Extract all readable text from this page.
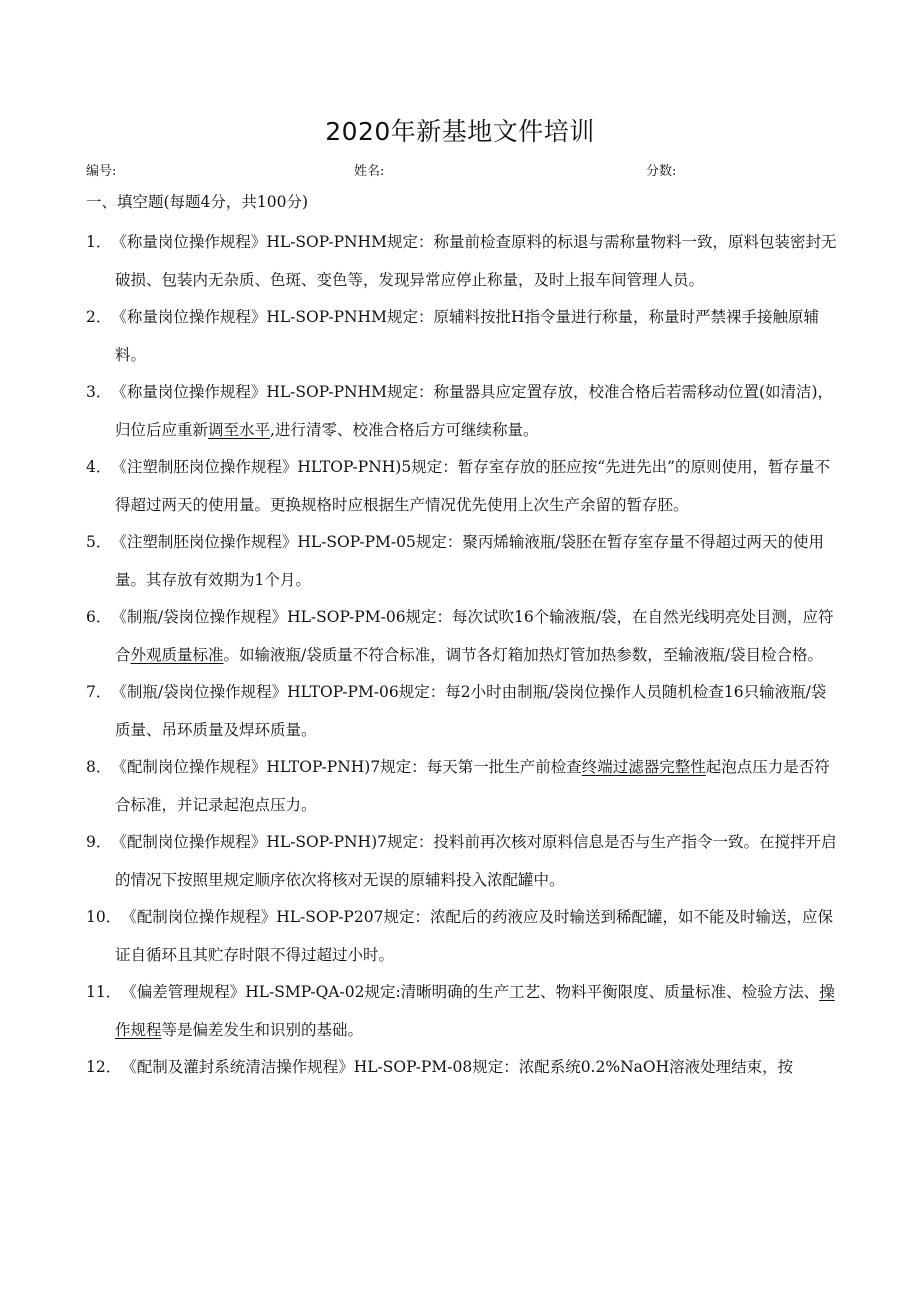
2020年新基地文件培训
编号:	姓名:	分数:
一、填空题(每题4分，共100分)
1．《称量岗位操作规程》HL-SOP-PNHM规定：称量前检查原料的标退与需称量物料一致，原料包装密封无破损、包装内无杂质、色斑、变色等，发现异常应停止称量，及时上报车间管理人员。
2．《称量岗位操作规程》HL-SOP-PNHM规定：原辅料按批H指令量进行称量，称量时严禁裸手接触原辅料。
3．《称量岗位操作规程》HL-SOP-PNHM规定：称量器具应定置存放，校准合格后若需移动位置(如清洁)，归位后应重新调至水平,进行清零、校准合格后方可继续称量。
4．《注塑制胚岗位操作规程》HLTOP-PNH)5规定：暂存室存放的胚应按“先进先出”的原则使用，暂存量不得超过两天的使用量。更换规格时应根据生产情况优先使用上次生产余留的暂存胚。
5．《注塑制胚岗位操作规程》HL-SOP-PM-05规定：聚丙烯输液瓶/袋胚在暂存室存量不得超过两天的使用量。其存放有效期为1个月。
6．《制瓶/袋岗位操作规程》HL-SOP-PM-06规定：每次试吹16个输液瓶/袋，在自然光线明亮处目测，应符合外观质量标准。如输液瓶/袋质量不符合标准，调节各灯箱加热灯管加热参数，至输液瓶/袋目检合格。
7．《制瓶/袋岗位操作规程》HLTOP-PM-06规定：每2小时由制瓶/袋岗位操作人员随机检查16只输液瓶/袋质量、吊环质量及焊环质量。
8．《配制岗位操作规程》HLTOP-PNH)7规定：每天第一批生产前检查终端过滤器完整性起泡点压力是否符合标准，并记录起泡点压力。
9．《配制岗位操作规程》HL-SOP-PNH)7规定：投料前再次核对原料信息是否与生产指令一致。在搅拌开启的情况下按照里规定顺序依次将核对无误的原辅料投入浓配罐中。
10．《配制岗位操作规程》HL-SOP-P207规定：浓配后的药液应及时输送到稀配罐，如不能及时输送，应保证自循环且其贮存时限不得过超过小时。
11．《偏差管理规程》HL-SMP-QA-02规定:清晰明确的生产工艺、物料平衡限度、质量标准、检验方法、操作规程等是偏差发生和识别的基础。
12．《配制及灌封系统清洁操作规程》HL-SOP-PM-08规定：浓配系统0.2%NaOH溶液处理结束，按
